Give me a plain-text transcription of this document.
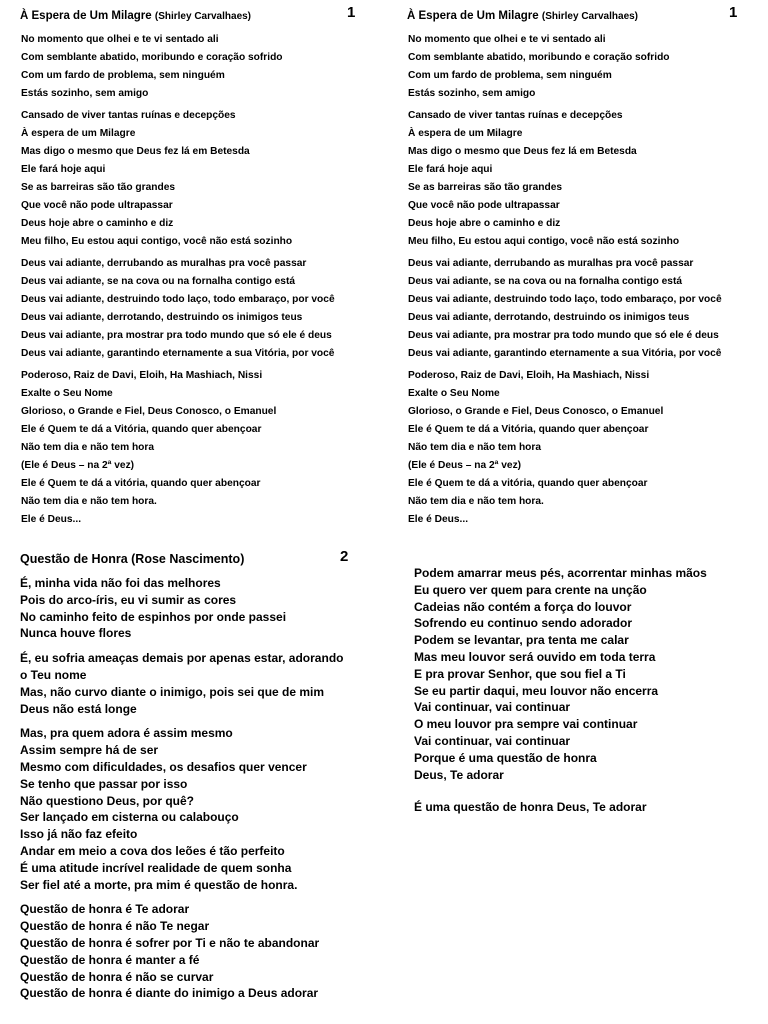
À Espera de Um Milagre (Shirley Carvalhaes)	1
No momento que olhei e te vi sentado ali
Com semblante abatido, moribundo e coração sofrido
Com um fardo de problema, sem ninguém
Estás sozinho, sem amigo
Cansado de viver tantas ruínas e decepções
À espera de um Milagre
Mas digo o mesmo que Deus fez lá em Betesda
Ele fará hoje aqui
Se as barreiras são tão grandes
Que você não pode ultrapassar
Deus hoje abre o caminho e diz
Meu filho, Eu estou aqui contigo, você não está sozinho
Deus vai adiante, derrubando as muralhas pra você passar
Deus vai adiante, se na cova ou na fornalha contigo está
Deus vai adiante, destruindo todo laço, todo embaraço, por você
Deus vai adiante, derrotando, destruindo os inimigos teus
Deus vai adiante, pra mostrar pra todo mundo que só ele é deus
Deus vai adiante, garantindo eternamente a sua Vitória, por você
Poderoso, Raiz de Davi, Eloih, Ha Mashiach, Nissi
Exalte o Seu Nome
Glorioso, o Grande e Fiel, Deus Conosco, o Emanuel
Ele é Quem te dá a Vitória, quando quer abençoar
Não tem dia e não tem hora
(Ele é Deus – na 2ª vez)
Ele é Quem te dá a vitória, quando quer abençoar
Não tem dia e não tem hora.
Ele é Deus...
À Espera de Um Milagre (Shirley Carvalhaes)	1
No momento que olhei e te vi sentado ali
Com semblante abatido, moribundo e coração sofrido
Com um fardo de problema, sem ninguém
Estás sozinho, sem amigo
Cansado de viver tantas ruínas e decepções
À espera de um Milagre
Mas digo o mesmo que Deus fez lá em Betesda
Ele fará hoje aqui
Se as barreiras são tão grandes
Que você não pode ultrapassar
Deus hoje abre o caminho e diz
Meu filho, Eu estou aqui contigo, você não está sozinho
Deus vai adiante, derrubando as muralhas pra você passar
Deus vai adiante, se na cova ou na fornalha contigo está
Deus vai adiante, destruindo todo laço, todo embaraço, por você
Deus vai adiante, derrotando, destruindo os inimigos teus
Deus vai adiante, pra mostrar pra todo mundo que só ele é deus
Deus vai adiante, garantindo eternamente a sua Vitória, por você
Poderoso, Raiz de Davi, Eloih, Ha Mashiach, Nissi
Exalte o Seu Nome
Glorioso, o Grande e Fiel, Deus Conosco, o Emanuel
Ele é Quem te dá a Vitória, quando quer abençoar
Não tem dia e não tem hora
(Ele é Deus – na 2ª vez)
Ele é Quem te dá a vitória, quando quer abençoar
Não tem dia e não tem hora.
Ele é Deus...
Questão de Honra (Rose Nascimento)	2
É, minha vida não foi das melhores
Pois do arco-íris, eu vi sumir as cores
No caminho feito de espinhos por onde passei
Nunca houve flores
É, eu sofria ameaças demais por apenas estar, adorando
o Teu nome
Mas, não curvo diante o inimigo, pois sei que de mim
Deus não está longe
Mas, pra quem adora é assim mesmo
Assim sempre há de ser
Mesmo com dificuldades, os desafios quer vencer
Se tenho que passar por isso
Não questiono Deus, por quê?
Ser lançado em cisterna ou calabouço
Isso já não faz efeito
Andar em meio a cova dos leões é tão perfeito
É uma atitude incrível realidade de quem sonha
Ser fiel até a morte, pra mim é questão de honra.
Questão de honra é Te adorar
Questão de honra é não Te negar
Questão de honra é sofrer por Ti e não te abandonar
Questão de honra é manter a fé
Questão de honra é não se curvar
Questão de honra é diante do inimigo a Deus adorar
Podem amarrar meus pés, acorrentar minhas mãos
Eu quero ver quem para crente na unção
Cadeias não contém a força do louvor
Sofrendo eu continuo sendo adorador
Podem se levantar, pra tenta me calar
Mas meu louvor será ouvido em toda terra
E pra provar Senhor, que sou fiel a Ti
Se eu partir daqui, meu louvor não encerra
Vai continuar, vai continuar
O meu louvor pra sempre vai continuar
Vai continuar, vai continuar
Porque é uma questão de honra
Deus, Te adorar
É uma questão de honra Deus, Te adorar
